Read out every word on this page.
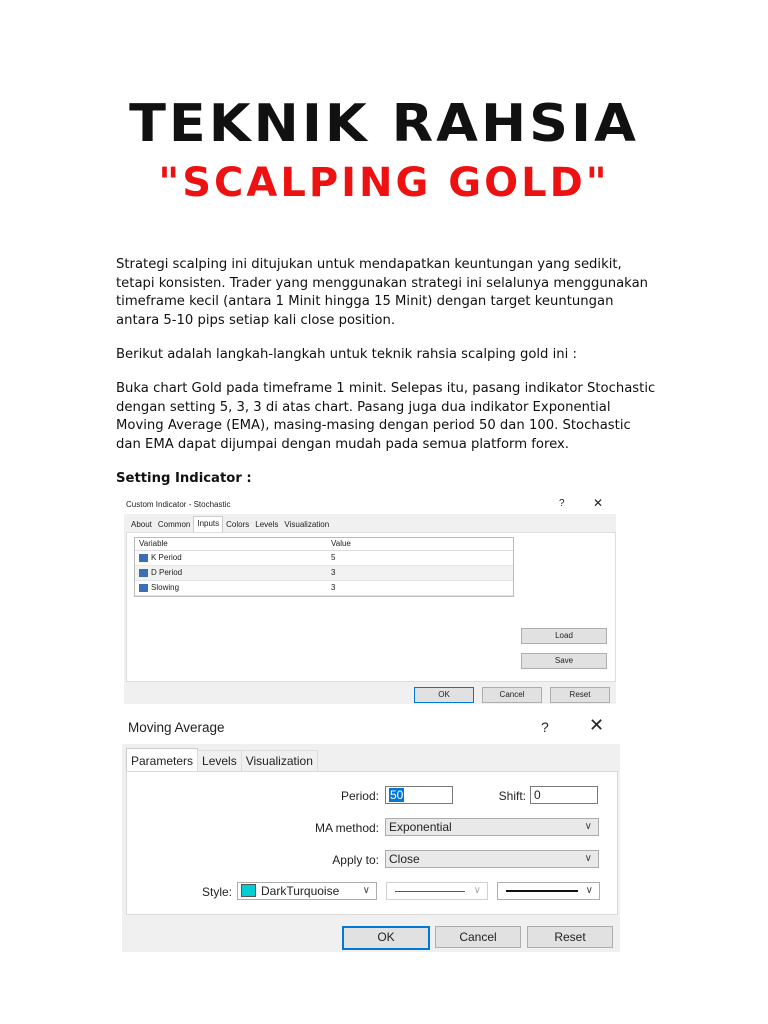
TEKNIK RAHSIA
"SCALPING GOLD"

Strategi scalping ini ditujukan untuk mendapatkan keuntungan yang sedikit, tetapi konsisten. Trader yang menggunakan strategi ini selalunya menggunakan timeframe kecil (antara 1 Minit hingga 15 Minit) dengan target keuntungan antara 5-10 pips setiap kali close position.

Berikut adalah langkah-langkah untuk teknik rahsia scalping gold ini :

Buka chart Gold pada timeframe 1 minit. Selepas itu, pasang indikator Stochastic dengan setting 5, 3, 3 di atas chart. Pasang juga dua indikator Exponential Moving Average (EMA), masing-masing dengan period 50 dan 100. Stochastic dan EMA dapat dijumpai dengan mudah pada semua platform forex.

Setting Indicator :

Custom Indicator - Stochastic	? ✕
About Common Inputs Colors Levels Visualization
Variable	Value
K Period	5
D Period	3
Slowing	3
Load
Save
OK	Cancel	Reset
Moving Average	? ✕
Parameters Levels Visualization
Period: 50	Shift: 0
MA method: Exponential	∨
Apply to: Close	∨
Style:	DarkTurquoise ∨	∨	∨
OK	Cancel	Reset
